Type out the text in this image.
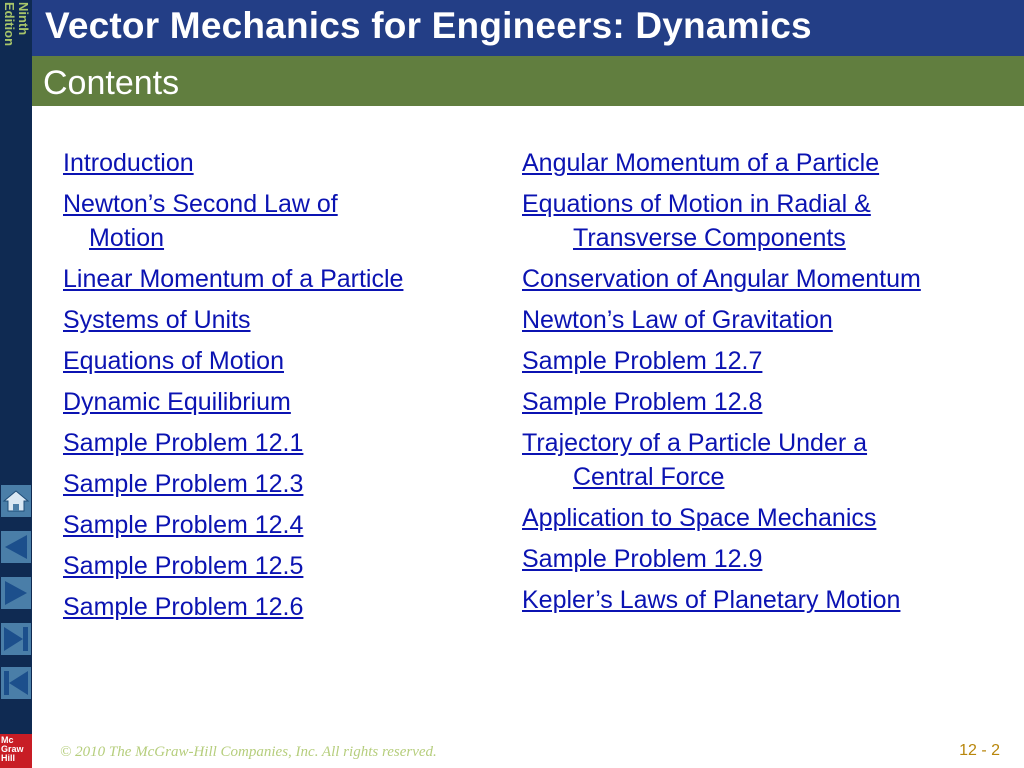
Ninth
Edition
Mc
Graw
Hill
Vector Mechanics for Engineers: Dynamics
Contents
Introduction
Newton’s Second Law of
Motion
Linear Momentum of a Particle
Systems of Units
Equations of Motion
Dynamic Equilibrium
Sample Problem 12.1
Sample Problem 12.3
Sample Problem 12.4
Sample Problem 12.5
Sample Problem 12.6
Angular Momentum of a Particle
Equations of Motion in Radial &
Transverse Components
Conservation of Angular Momentum
Newton’s Law of Gravitation
Sample Problem 12.7
Sample Problem 12.8
Trajectory of a Particle Under a
Central Force
Application to Space Mechanics
Sample Problem 12.9
Kepler’s Laws of Planetary Motion
© 2010 The McGraw-Hill Companies, Inc. All rights reserved.	12 - 2
